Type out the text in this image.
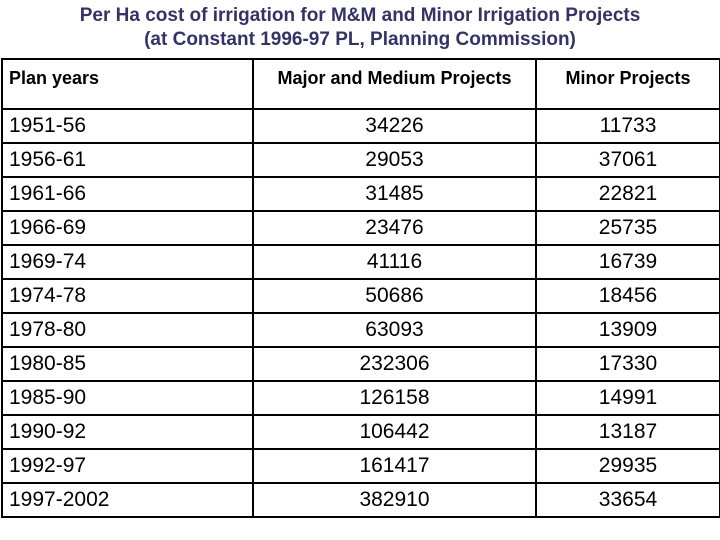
Per Ha cost of irrigation for M&M and Minor Irrigation Projects
(at Constant 1996-97 PL, Planning Commission)
Plan years	Major and Medium Projects	Minor Projects
1951-56	34226	11733
1956-61	29053	37061
1961-66	31485	22821
1966-69	23476	25735
1969-74	41116	16739
1974-78	50686	18456
1978-80	63093	13909
1980-85	232306	17330
1985-90	126158	14991
1990-92	106442	13187
1992-97	161417	29935
1997-2002	382910	33654
